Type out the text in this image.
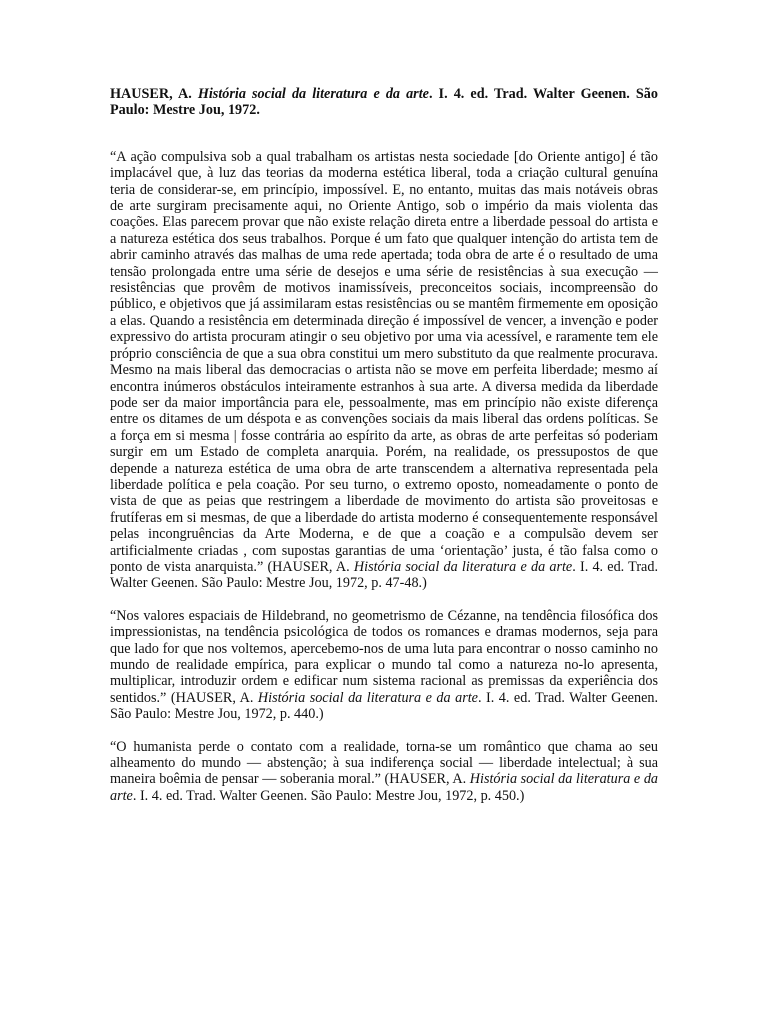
HAUSER, A. História social da literatura e da arte. I. 4. ed. Trad. Walter Geenen. São Paulo: Mestre Jou, 1972.

“A ação compulsiva sob a qual trabalham os artistas nesta sociedade [do Oriente antigo] é tão implacável que, à luz das teorias da moderna estética liberal, toda a criação cultural genuína teria de considerar-se, em princípio, impossível. E, no entanto, muitas das mais notáveis obras de arte surgiram precisamente aqui, no Oriente Antigo, sob o império da mais violenta das coações. Elas parecem provar que não existe relação direta entre a liberdade pessoal do artista e a natureza estética dos seus trabalhos. Porque é um fato que qualquer intenção do artista tem de abrir caminho através das malhas de uma rede apertada; toda obra de arte é o resultado de uma tensão prolongada entre uma série de desejos e uma série de resistências à sua execução — resistências que provêm de motivos inamissíveis, preconceitos sociais, incompreensão do público, e objetivos que já assimilaram estas resistências ou se mantêm firmemente em oposição a elas. Quando a resistência em determinada direção é impossível de vencer, a invenção e poder expressivo do artista procuram atingir o seu objetivo por uma via acessível, e raramente tem ele próprio consciência de que a sua obra constitui um mero substituto da que realmente procurava. Mesmo na mais liberal das democracias o artista não se move em perfeita liberdade; mesmo aí encontra inúmeros obstáculos inteiramente estranhos à sua arte. A diversa medida da liberdade pode ser da maior importância para ele, pessoalmente, mas em princípio não existe diferença entre os ditames de um déspota e as convenções sociais da mais liberal das ordens políticas. Se a força em si mesma | fosse contrária ao espírito da arte, as obras de arte perfeitas só poderiam surgir em um Estado de completa anarquia. Porém, na realidade, os pressupostos de que depende a natureza estética de uma obra de arte transcendem a alternativa representada pela liberdade política e pela coação. Por seu turno, o extremo oposto, nomeadamente o ponto de vista de que as peias que restringem a liberdade de movimento do artista são proveitosas e frutíferas em si mesmas, de que a liberdade do artista moderno é consequentemente responsável pelas incongruências da Arte Moderna, e de que a coação e a compulsão devem ser artificialmente criadas , com supostas garantias de uma ‘orientação’ justa, é tão falsa como o ponto de vista anarquista.” (HAUSER, A. História social da literatura e da arte. I. 4. ed. Trad. Walter Geenen. São Paulo: Mestre Jou, 1972, p. 47-48.)

“Nos valores espaciais de Hildebrand, no geometrismo de Cézanne, na tendência filosófica dos impressionistas, na tendência psicológica de todos os romances e dramas modernos, seja para que lado for que nos voltemos, apercebemo-nos de uma luta para encontrar o nosso caminho no mundo de realidade empírica, para explicar o mundo tal como a natureza no-lo apresenta, multiplicar, introduzir ordem e edificar num sistema racional as premissas da experiência dos sentidos.” (HAUSER, A. História social da literatura e da arte. I. 4. ed. Trad. Walter Geenen. São Paulo: Mestre Jou, 1972, p. 440.)

“O humanista perde o contato com a realidade, torna-se um romântico que chama ao seu alheamento do mundo — abstenção; à sua indiferença social — liberdade intelectual; à sua maneira boêmia de pensar — soberania moral.” (HAUSER, A. História social da literatura e da arte. I. 4. ed. Trad. Walter Geenen. São Paulo: Mestre Jou, 1972, p. 450.)
